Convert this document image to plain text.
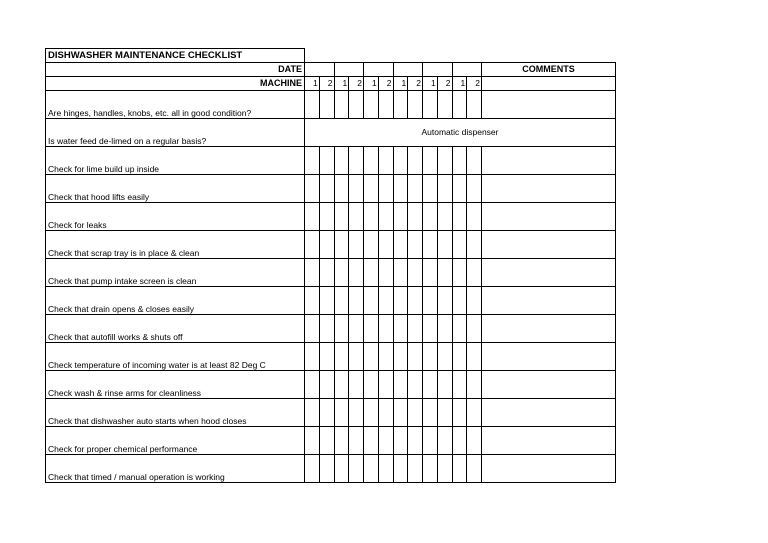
DISHWASHER MAINTENANCE CHECKLIST													
DATE													COMMENTS
MACHINE	1	2	1	2	1	2	1	2	1	2	1	2	
Are hinges, handles, knobs, etc. all in good condition?													
Is water feed de-limed on a regular basis?	Automatic dispenser												
Check for lime build up inside													
Check that hood lifts easily													
Check for leaks													
Check that scrap tray is in place & clean													
Check that pump intake screen is clean													
Check that drain opens & closes easily													
Check that autofill works & shuts off													
Check temperature of incoming water is at least 82 Deg C													
Check wash & rinse arms for cleanliness													
Check that dishwasher auto starts when hood closes													
Check for proper chemical performance													
Check that timed / manual operation is working													
